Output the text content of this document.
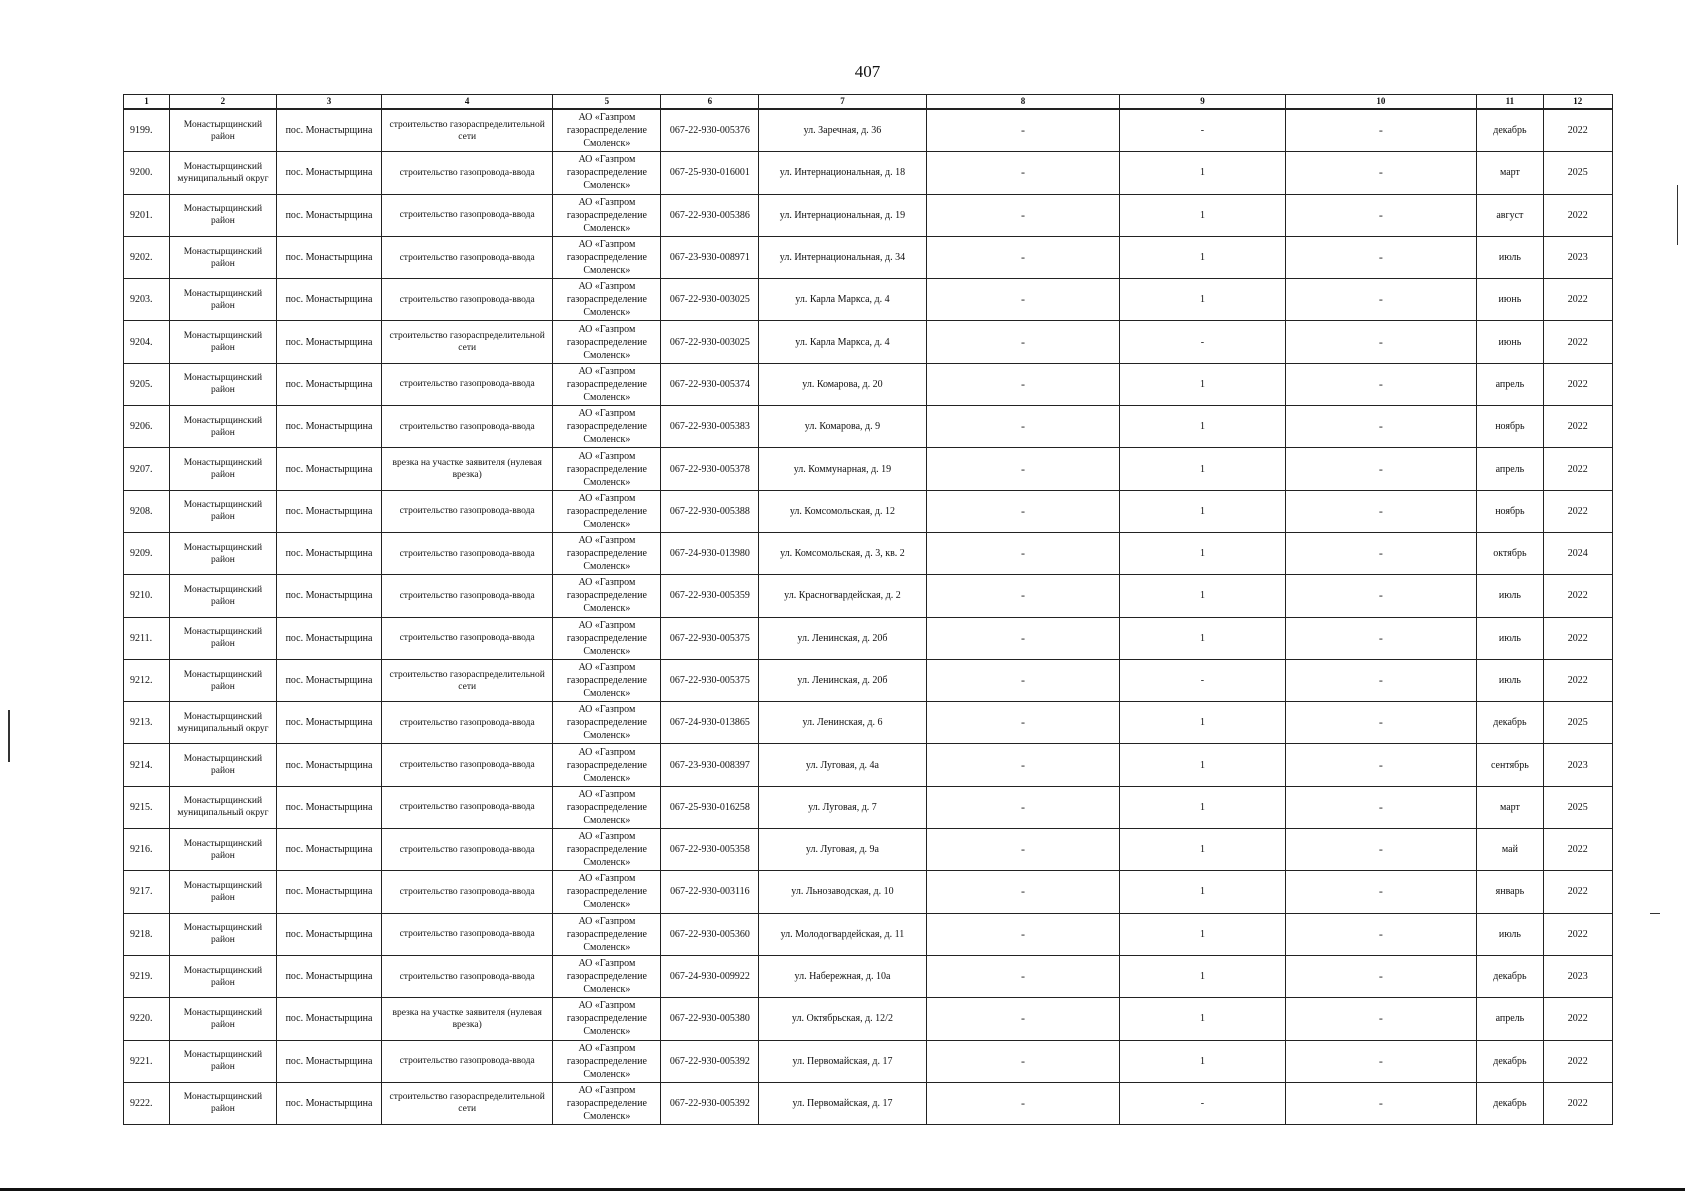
407
1	2	3	4	5	6	7	8	9	10	11	12
9199.	Монастырщинский район	пос. Монастырщина	строительство газораспределительной сети	АО «Газпром газораспределение Смоленск»	067-22-930-005376	ул. Заречная, д. 36	-	-	-	декабрь	2022
9200.	Монастырщинский муниципальный округ	пос. Монастырщина	строительство газопровода-ввода	АО «Газпром газораспределение Смоленск»	067-25-930-016001	ул. Интернациональная, д. 18	-	1	-	март	2025
9201.	Монастырщинский район	пос. Монастырщина	строительство газопровода-ввода	АО «Газпром газораспределение Смоленск»	067-22-930-005386	ул. Интернациональная, д. 19	-	1	-	август	2022
9202.	Монастырщинский район	пос. Монастырщина	строительство газопровода-ввода	АО «Газпром газораспределение Смоленск»	067-23-930-008971	ул. Интернациональная, д. 34	-	1	-	июль	2023
9203.	Монастырщинский район	пос. Монастырщина	строительство газопровода-ввода	АО «Газпром газораспределение Смоленск»	067-22-930-003025	ул. Карла Маркса, д. 4	-	1	-	июнь	2022
9204.	Монастырщинский район	пос. Монастырщина	строительство газораспределительной сети	АО «Газпром газораспределение Смоленск»	067-22-930-003025	ул. Карла Маркса, д. 4	-	-	-	июнь	2022
9205.	Монастырщинский район	пос. Монастырщина	строительство газопровода-ввода	АО «Газпром газораспределение Смоленск»	067-22-930-005374	ул. Комарова, д. 20	-	1	-	апрель	2022
9206.	Монастырщинский район	пос. Монастырщина	строительство газопровода-ввода	АО «Газпром газораспределение Смоленск»	067-22-930-005383	ул. Комарова, д. 9	-	1	-	ноябрь	2022
9207.	Монастырщинский район	пос. Монастырщина	врезка на участке заявителя (нулевая врезка)	АО «Газпром газораспределение Смоленск»	067-22-930-005378	ул. Коммунарная, д. 19	-	1	-	апрель	2022
9208.	Монастырщинский район	пос. Монастырщина	строительство газопровода-ввода	АО «Газпром газораспределение Смоленск»	067-22-930-005388	ул. Комсомольская, д. 12	-	1	-	ноябрь	2022
9209.	Монастырщинский район	пос. Монастырщина	строительство газопровода-ввода	АО «Газпром газораспределение Смоленск»	067-24-930-013980	ул. Комсомольская, д. 3, кв. 2	-	1	-	октябрь	2024
9210.	Монастырщинский район	пос. Монастырщина	строительство газопровода-ввода	АО «Газпром газораспределение Смоленск»	067-22-930-005359	ул. Красногвардейская, д. 2	-	1	-	июль	2022
9211.	Монастырщинский район	пос. Монастырщина	строительство газопровода-ввода	АО «Газпром газораспределение Смоленск»	067-22-930-005375	ул. Ленинская, д. 20б	-	1	-	июль	2022
9212.	Монастырщинский район	пос. Монастырщина	строительство газораспределительной сети	АО «Газпром газораспределение Смоленск»	067-22-930-005375	ул. Ленинская, д. 20б	-	-	-	июль	2022
9213.	Монастырщинский муниципальный округ	пос. Монастырщина	строительство газопровода-ввода	АО «Газпром газораспределение Смоленск»	067-24-930-013865	ул. Ленинская, д. 6	-	1	-	декабрь	2025
9214.	Монастырщинский район	пос. Монастырщина	строительство газопровода-ввода	АО «Газпром газораспределение Смоленск»	067-23-930-008397	ул. Луговая, д. 4а	-	1	-	сентябрь	2023
9215.	Монастырщинский муниципальный округ	пос. Монастырщина	строительство газопровода-ввода	АО «Газпром газораспределение Смоленск»	067-25-930-016258	ул. Луговая, д. 7	-	1	-	март	2025
9216.	Монастырщинский район	пос. Монастырщина	строительство газопровода-ввода	АО «Газпром газораспределение Смоленск»	067-22-930-005358	ул. Луговая, д. 9а	-	1	-	май	2022
9217.	Монастырщинский район	пос. Монастырщина	строительство газопровода-ввода	АО «Газпром газораспределение Смоленск»	067-22-930-003116	ул. Льнозаводская, д. 10	-	1	-	январь	2022
9218.	Монастырщинский район	пос. Монастырщина	строительство газопровода-ввода	АО «Газпром газораспределение Смоленск»	067-22-930-005360	ул. Молодогвардейская, д. 11	-	1	-	июль	2022
9219.	Монастырщинский район	пос. Монастырщина	строительство газопровода-ввода	АО «Газпром газораспределение Смоленск»	067-24-930-009922	ул. Набережная, д. 10а	-	1	-	декабрь	2023
9220.	Монастырщинский район	пос. Монастырщина	врезка на участке заявителя (нулевая врезка)	АО «Газпром газораспределение Смоленск»	067-22-930-005380	ул. Октябрьская, д. 12/2	-	1	-	апрель	2022
9221.	Монастырщинский район	пос. Монастырщина	строительство газопровода-ввода	АО «Газпром газораспределение Смоленск»	067-22-930-005392	ул. Первомайская, д. 17	-	1	-	декабрь	2022
9222.	Монастырщинский район	пос. Монастырщина	строительство газораспределительной сети	АО «Газпром газораспределение Смоленск»	067-22-930-005392	ул. Первомайская, д. 17	-	-	-	декабрь	2022
